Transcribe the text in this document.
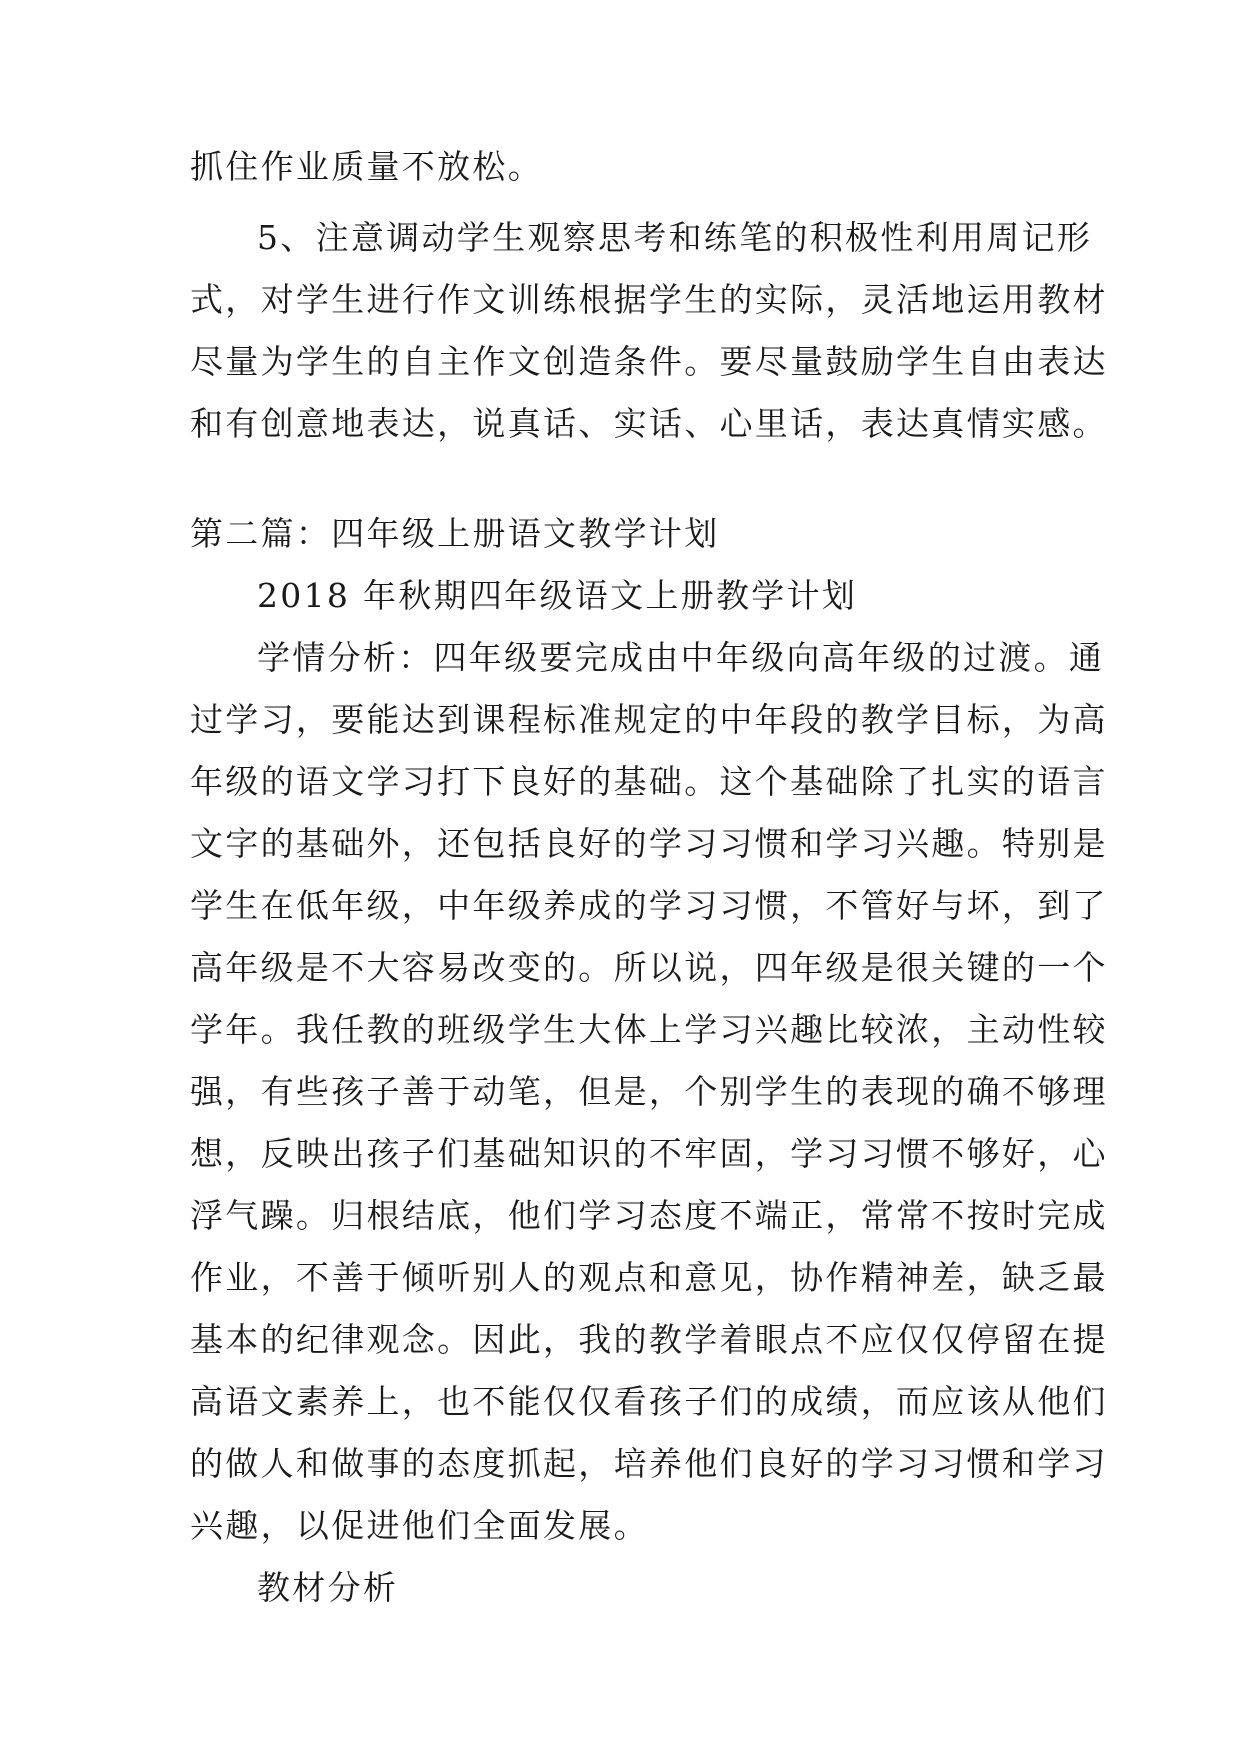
抓住作业质量不放松。
5、注意调动学生观察思考和练笔的积极性利用周记形
式，对学生进行作文训练根据学生的实际，灵活地运用教材
尽量为学生的自主作文创造条件。要尽量鼓励学生自由表达
和有创意地表达，说真话、实话、心里话，表达真情实感。
第二篇：四年级上册语文教学计划
2018 年秋期四年级语文上册教学计划
学情分析：四年级要完成由中年级向高年级的过渡。通
过学习，要能达到课程标准规定的中年段的教学目标，为高
年级的语文学习打下良好的基础。这个基础除了扎实的语言
文字的基础外，还包括良好的学习习惯和学习兴趣。特别是
学生在低年级，中年级养成的学习习惯，不管好与坏，到了
高年级是不大容易改变的。所以说，四年级是很关键的一个
学年。我任教的班级学生大体上学习兴趣比较浓，主动性较
强，有些孩子善于动笔，但是，个别学生的表现的确不够理
想，反映出孩子们基础知识的不牢固，学习习惯不够好，心
浮气躁。归根结底，他们学习态度不端正，常常不按时完成
作业，不善于倾听别人的观点和意见，协作精神差，缺乏最
基本的纪律观念。因此，我的教学着眼点不应仅仅停留在提
高语文素养上，也不能仅仅看孩子们的成绩，而应该从他们
的做人和做事的态度抓起，培养他们良好的学习习惯和学习
兴趣，以促进他们全面发展。
教材分析
